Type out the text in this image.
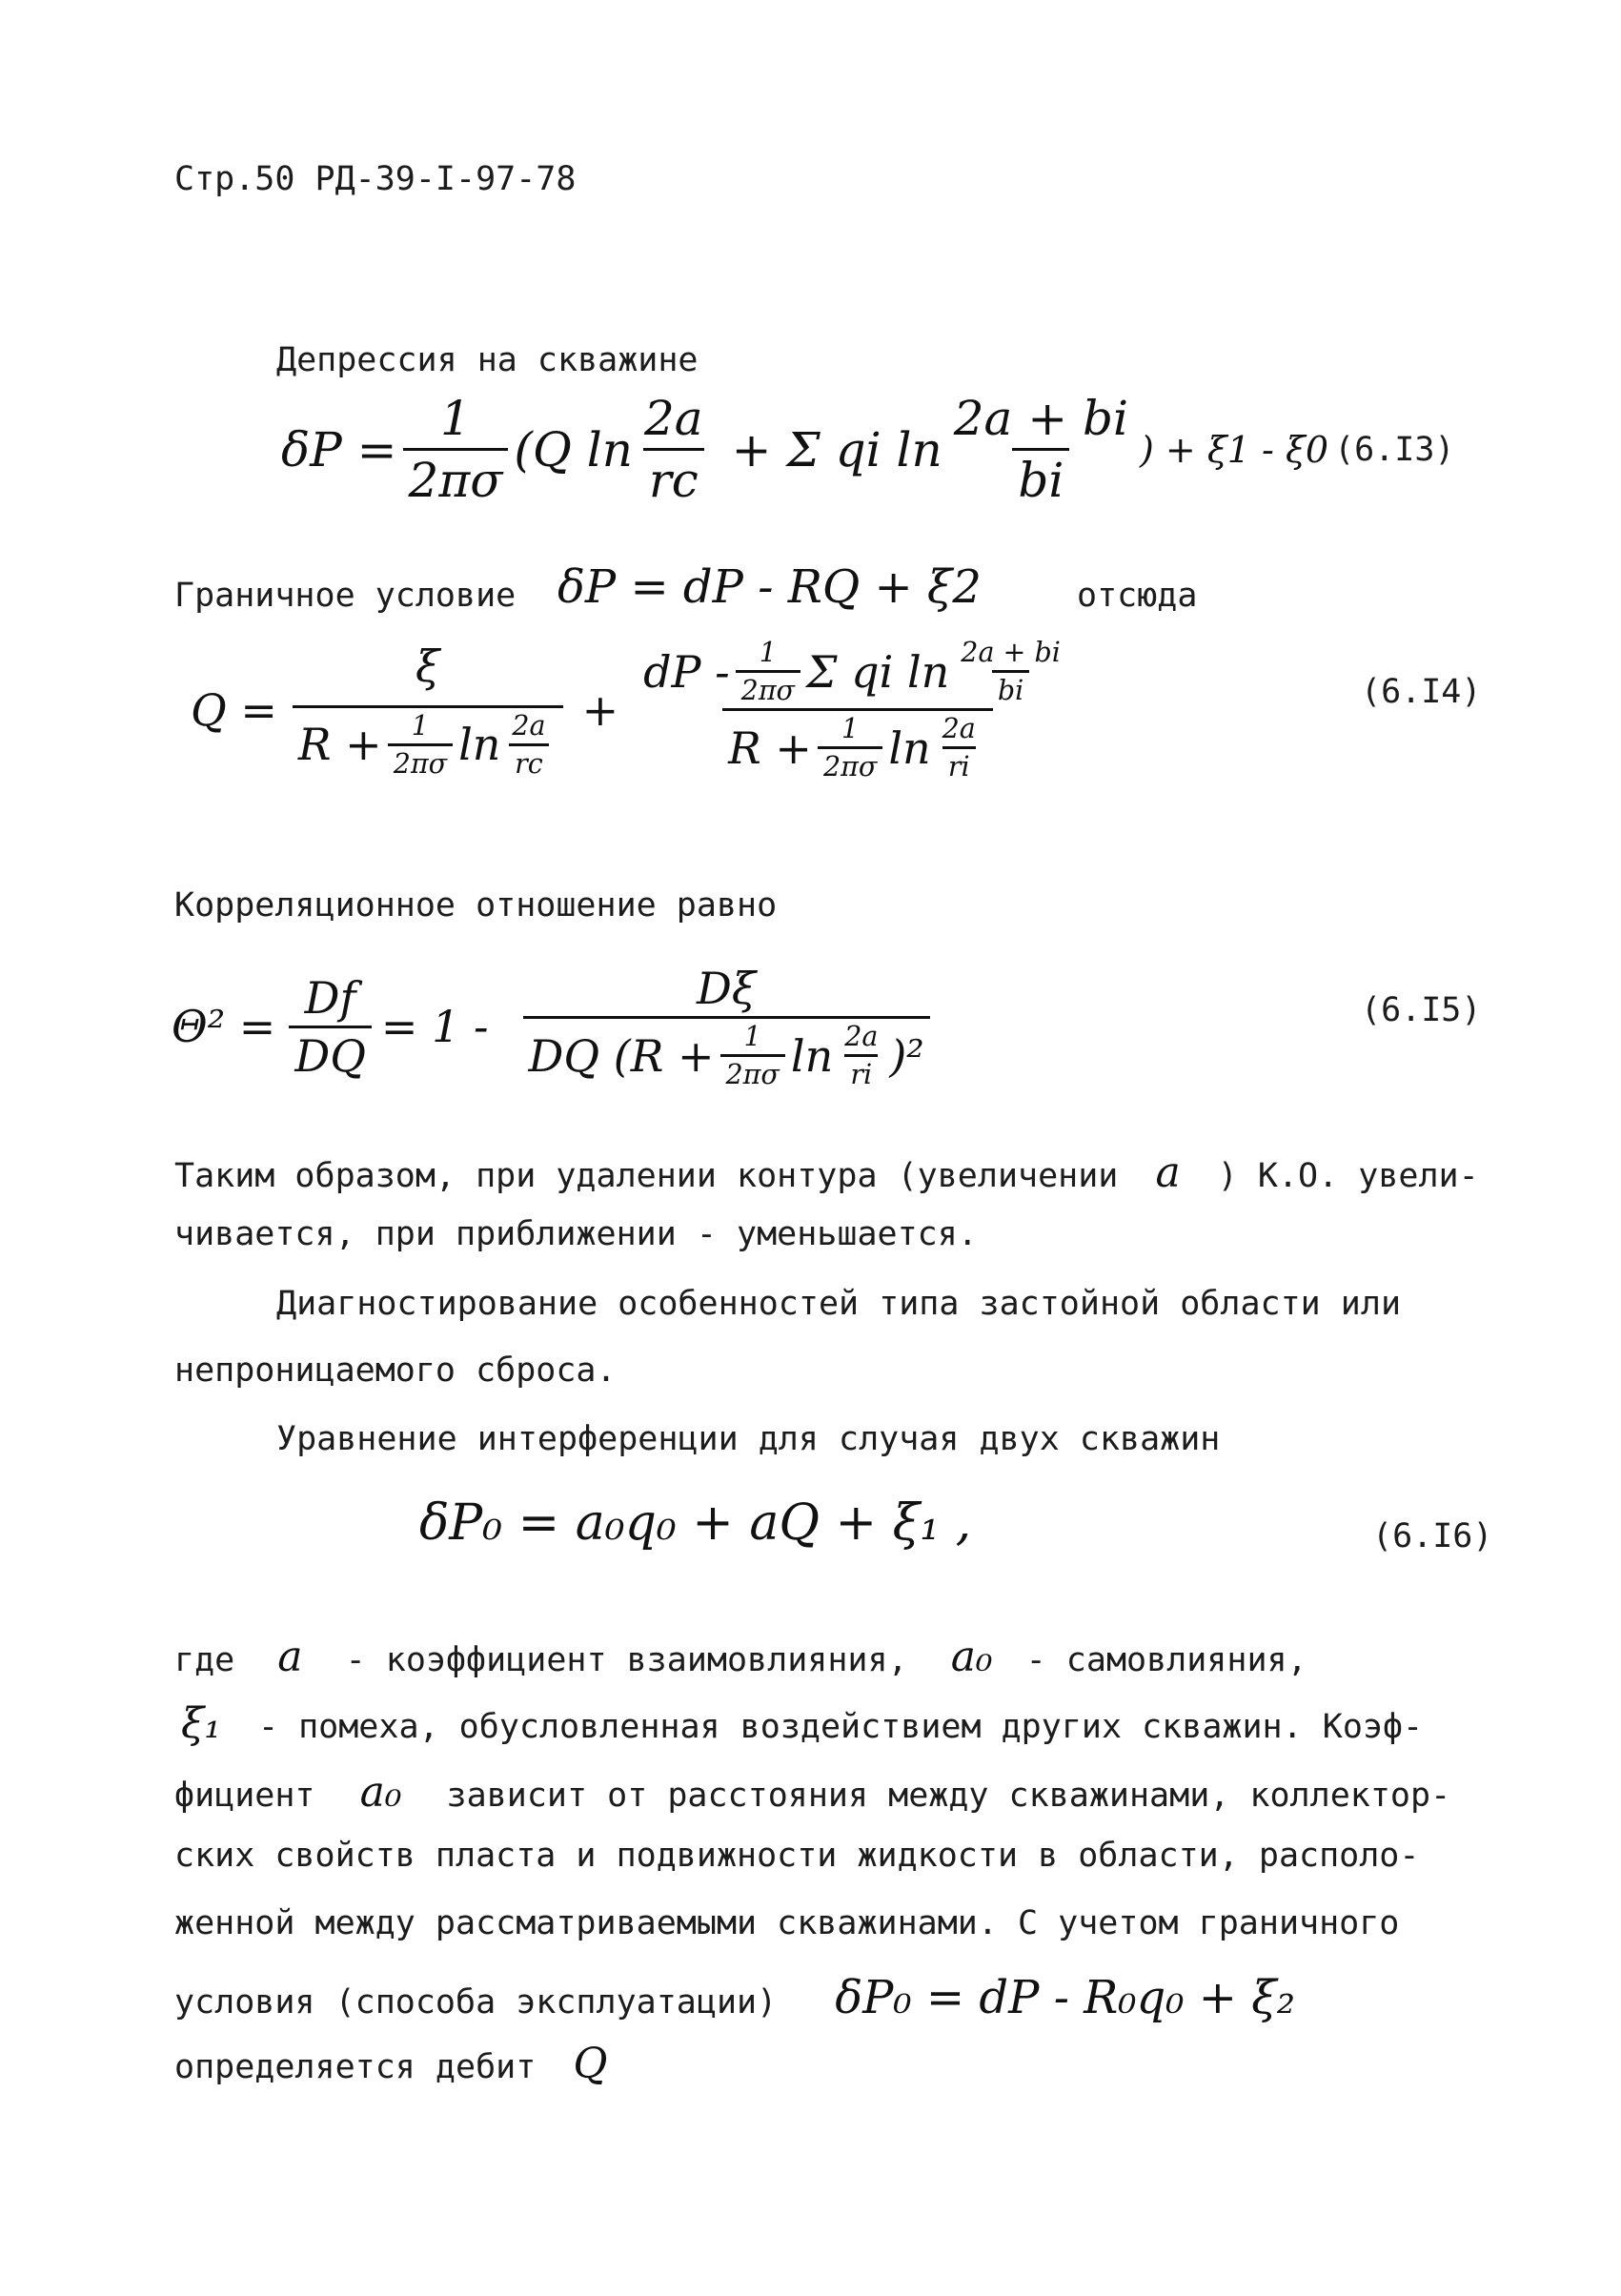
Стр.50 РД-39-I-97-78
Депрессия на скважине
$\delta P = \frac{1}{2\pi\sigma} (Q$ $\ln \frac{2a}{rc} + \Sigma$ qi $\ln \frac{2a + bi}{bi}$ ) + ξ1 - ξ0 (6.I3)
Граничное условие δP = dP - RQ + ξ2	отсюда
Q =
ξ
$R + \frac{1}{2\pi\sigma}$ $\ln \frac{2a}{rc}$ +
dP - $\frac{1}{2\pi\sigma}$ Σ qi $\ln \frac{2a + bi}{bi}$
$R + \frac{1}{2\pi\sigma}$ $\ln \frac{2a}{ri}$
(6.I4)
Корреляционное отношение равно
$\Theta^2 = \frac{Df}{DQ} = 1$ -
Dξ
DQ ($R + \frac{1}{2\pi\sigma}$ $\ln \frac{2a}{ri} )^2$
(6.I5)
Таким образом, при удалении контура (увеличении a ) К.О. увели-
чивается, при приближении - уменьшается.
Диагностирование особенностей типа застойной области или
непроницаемого сброса.
Уравнение интерференции для случая двух скважин
δP₀ = a₀q₀ + aQ + ξ₁ ,	(6.I6)
где a - коэффициент взаимовлияния, a₀ - самовлияния,
ξ₁ - помеха, обусловленная воздействием других скважин. Коэф-
фициент a₀ зависит от расстояния между скважинами, коллектор-
ских свойств пласта и подвижности жидкости в области, располо-
женной между рассматриваемыми скважинами. С учетом граничного
условия (способа эксплуатации) δP₀ = dP - R₀q₀ + ξ₂
определяется дебит Q
